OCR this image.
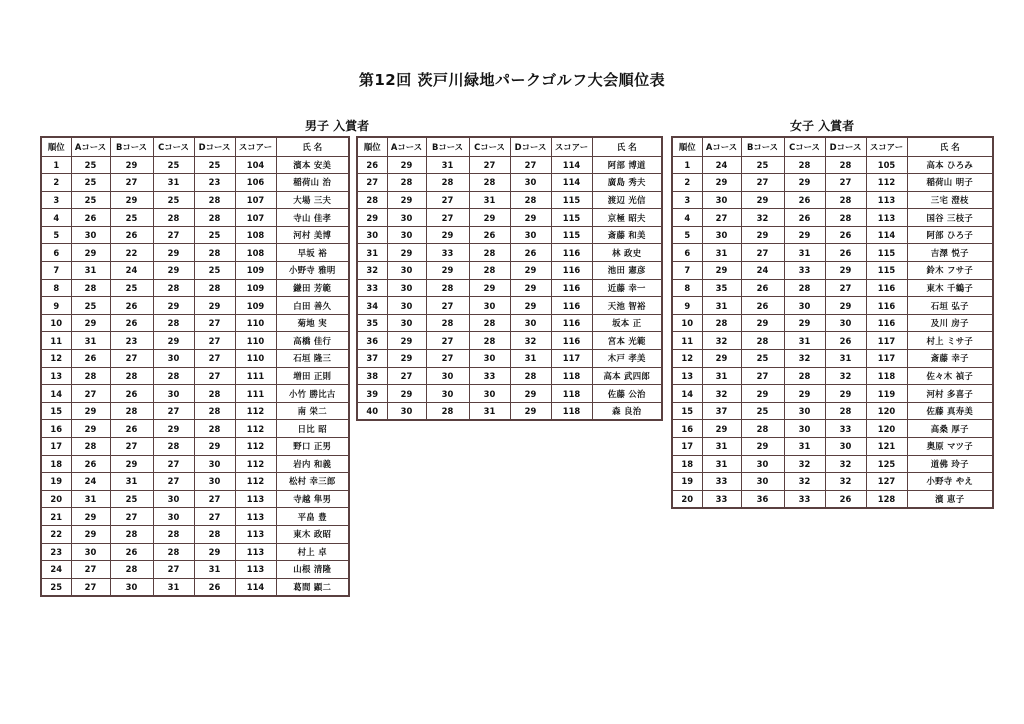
第12回 茨戸川緑地パークゴルフ大会順位表
男子 入賞者	女子 入賞者
順位	Aコース	Bコース	Cコース	Dコース	スコアー	氏 名
1	25	29	25	25	104	濱本 安美
2	25	27	31	23	106	稲荷山 治
3	25	29	25	28	107	大場 三夫
4	26	25	28	28	107	寺山 佳孝
5	30	26	27	25	108	河村 美博
6	29	22	29	28	108	早坂 裕
7	31	24	29	25	109	小野寺 雅明
8	28	25	28	28	109	鎌田 芳範
9	25	26	29	29	109	白田 善久
10	29	26	28	27	110	菊地 実
11	31	23	29	27	110	高橋 佳行
12	26	27	30	27	110	石垣 隆三
13	28	28	28	27	111	増田 正則
14	27	26	30	28	111	小竹 勝比古
15	29	28	27	28	112	南 栄二
16	29	26	29	28	112	日比 昭
17	28	27	28	29	112	野口 正男
18	26	29	27	30	112	岩内 和義
19	24	31	27	30	112	松村 幸三郎
20	31	25	30	27	113	寺越 隼男
21	29	27	30	27	113	平畠 豊
22	29	28	28	28	113	東木 政昭
23	30	26	28	29	113	村上 卓
24	27	28	27	31	113	山根 清隆
25	27	30	31	26	114	葛間 顕二
順位	Aコース	Bコース	Cコース	Dコース	スコアー	氏 名
26	29	31	27	27	114	阿部 博道
27	28	28	28	30	114	廣島 秀夫
28	29	27	31	28	115	渡辺 光信
29	30	27	29	29	115	京極 昭夫
30	30	29	26	30	115	斎藤 和美
31	29	33	28	26	116	林 政史
32	30	29	28	29	116	池田 憲彦
33	30	28	29	29	116	近藤 幸一
34	30	27	30	29	116	天池 智裕
35	30	28	28	30	116	坂本 正
36	29	27	28	32	116	宮本 光範
37	29	27	30	31	117	木戸 孝美
38	27	30	33	28	118	高本 武四郎
39	29	30	30	29	118	佐藤 公治
40	30	28	31	29	118	森 良治
順位	Aコース	Bコース	Cコース	Dコース	スコアー	氏 名
1	24	25	28	28	105	高本 ひろみ
2	29	27	29	27	112	稲荷山 明子
3	30	29	26	28	113	三宅 澄枝
4	27	32	26	28	113	国谷 三枝子
5	30	29	29	26	114	阿部 ひろ子
6	31	27	31	26	115	吉澤 悦子
7	29	24	33	29	115	鈴木 フサ子
8	35	26	28	27	116	東木 千鶴子
9	31	26	30	29	116	石垣 弘子
10	28	29	29	30	116	及川 房子
11	32	28	31	26	117	村上 ミサ子
12	29	25	32	31	117	斎藤 幸子
13	31	27	28	32	118	佐々木 禎子
14	32	29	29	29	119	河村 多喜子
15	37	25	30	28	120	佐藤 真寿美
16	29	28	30	33	120	高桑 厚子
17	31	29	31	30	121	奥原 マツ子
18	31	30	32	32	125	道佛 玲子
19	33	30	32	32	127	小野寺 やえ
20	33	36	33	26	128	濱 恵子
